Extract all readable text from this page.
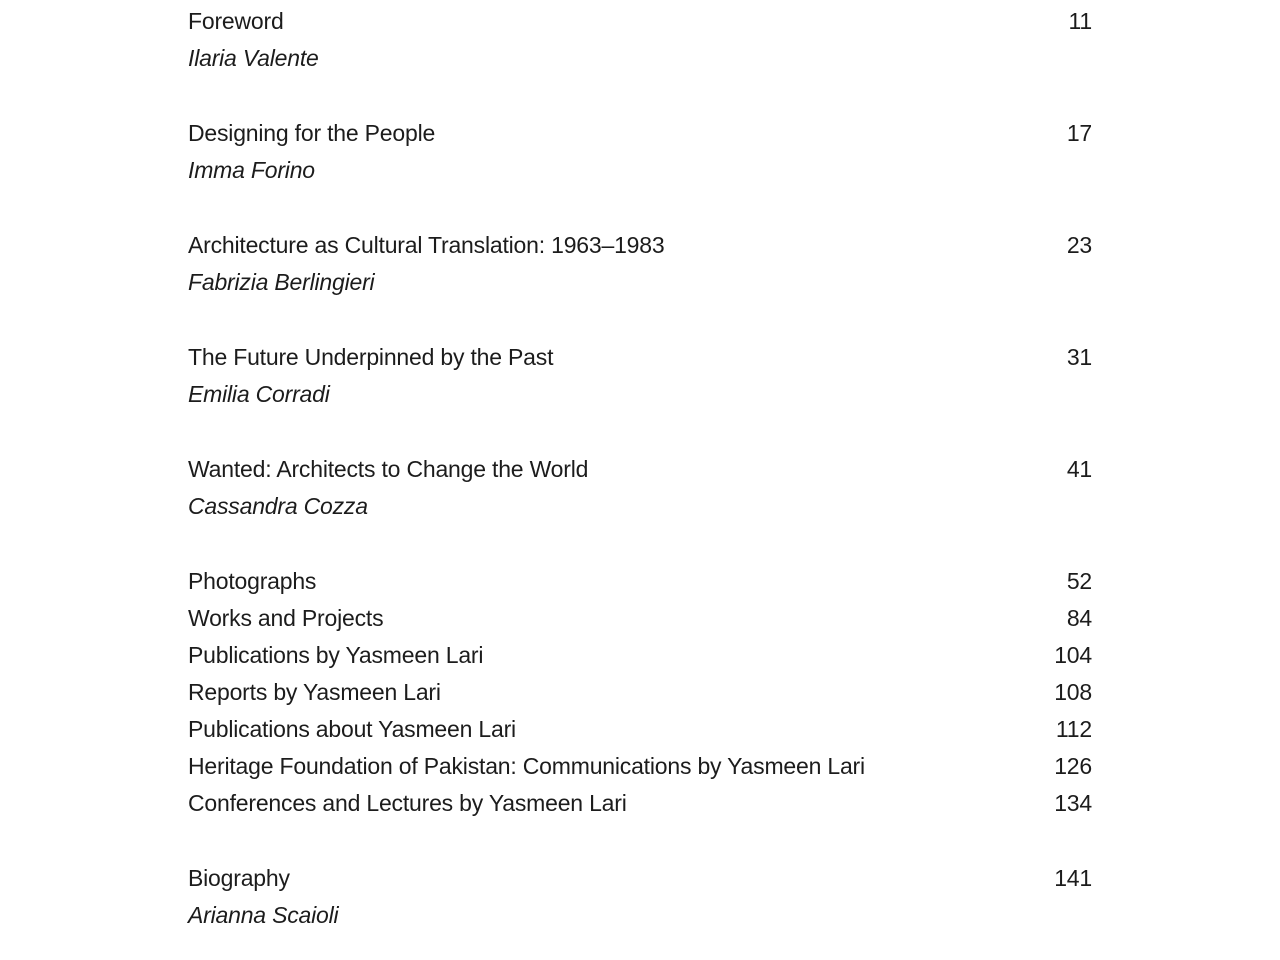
Foreword	11
Ilaria Valente
Designing for the People	17
Imma Forino
Architecture as Cultural Translation: 1963–1983	23
Fabrizia Berlingieri
The Future Underpinned by the Past	31
Emilia Corradi
Wanted: Architects to Change the World	41
Cassandra Cozza
Photographs	52
Works and Projects	84
Publications by Yasmeen Lari	104
Reports by Yasmeen Lari	108
Publications about Yasmeen Lari	112
Heritage Foundation of Pakistan: Communications by Yasmeen Lari	126
Conferences and Lectures by Yasmeen Lari	134
Biography	141
Arianna Scaioli
